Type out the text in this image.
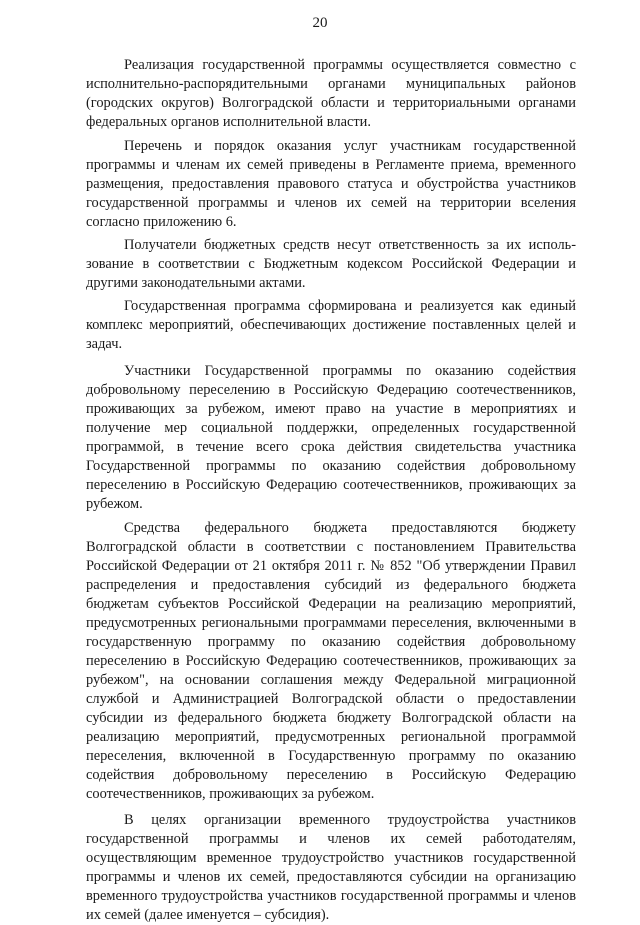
20

Реализация государственной программы осуществляется совместно с исполнительно-распорядительными органами муниципальных районов (городских округов) Волгоградской области и территориальными органами федеральных органов исполнительной власти.

Перечень и порядок оказания услуг участникам государственной программы и членам их семей приведены в Регламенте приема, временного размещения, предоставления правового статуса и обустройства участников государственной программы и членов их семей на территории вселения согласно приложению 6.

Получатели бюджетных средств несут ответственность за их использование в соответствии с Бюджетным кодексом Российской Федерации и другими законодательными актами.

Государственная программа сформирована и реализуется как единый комплекс мероприятий, обеспечивающих достижение поставленных целей и задач.

Участники Государственной программы по оказанию содействия добровольному переселению в Российскую Федерацию соотечественников, проживающих за рубежом, имеют право на участие в мероприятиях и получение мер социальной поддержки, определенных государственной программой, в течение всего срока действия свидетельства участника Государственной программы по оказанию содействия добровольному переселению в Российскую Федерацию соотечественников, проживающих за рубежом.

Средства федерального бюджета предоставляются бюджету Волгоградской области в соответствии с постановлением Правительства Российской Федерации от 21 октября 2011 г. № 852 "Об утверждении Правил распределения и предоставления субсидий из федерального бюджета бюджетам субъектов Российской Федерации на реализацию мероприятий, предусмотренных региональными программами переселения, включенными в государственную программу по оказанию содействия добровольному переселению в Российскую Федерацию соотечественников, проживающих за рубежом", на основании соглашения между Федеральной миграционной службой и Администрацией Волгоградской области о предоставлении субсидии из федерального бюджета бюджету Волгоградской области на реализацию мероприятий, предусмотренных региональной программой переселения, включенной в Государственную программу по оказанию содействия добровольному переселению в Российскую Федерацию соотечественников, проживающих за рубежом.

В целях организации временного трудоустройства участников государственной программы и членов их семей работодателям, осуществляющим временное трудоустройство участников государственной программы и членов их семей, предоставляются субсидии на организацию временного трудоустройства участников государственной программы и членов их семей (далее именуется – субсидия).
